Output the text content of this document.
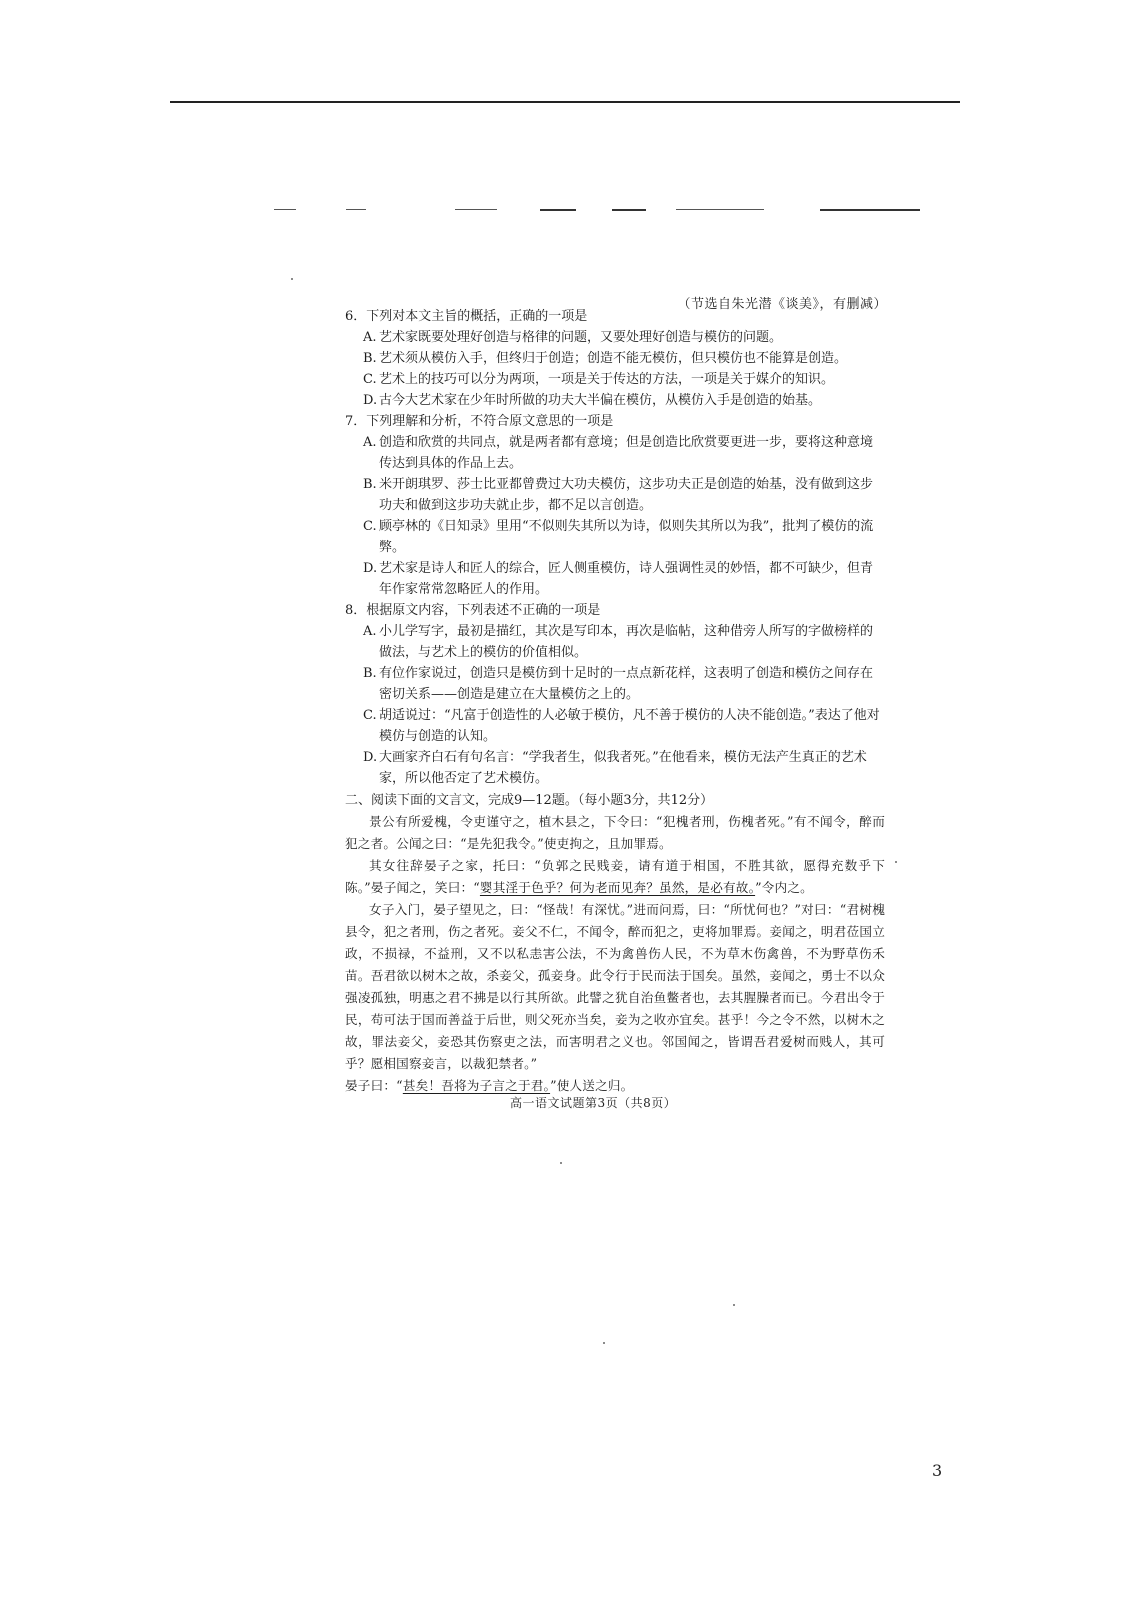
（节选自朱光潜《谈美》，有删减）
6．下列对本文主旨的概括，正确的一项是
A. 艺术家既要处理好创造与格律的问题，又要处理好创造与模仿的问题。
B. 艺术须从模仿入手，但终归于创造；创造不能无模仿，但只模仿也不能算是创造。
C. 艺术上的技巧可以分为两项，一项是关于传达的方法，一项是关于媒介的知识。
D. 古今大艺术家在少年时所做的功夫大半偏在模仿，从模仿入手是创造的始基。
7．下列理解和分析，不符合原文意思的一项是
A. 创造和欣赏的共同点，就是两者都有意境；但是创造比欣赏要更进一步，要将这种意境传达到具体的作品上去。
B. 米开朗琪罗、莎士比亚都曾费过大功夫模仿，这步功夫正是创造的始基，没有做到这步功夫和做到这步功夫就止步，都不足以言创造。
C. 顾亭林的《日知录》里用“不似则失其所以为诗，似则失其所以为我”，批判了模仿的流弊。
D. 艺术家是诗人和匠人的综合，匠人侧重模仿，诗人强调性灵的妙悟，都不可缺少，但青年作家常常忽略匠人的作用。
8．根据原文内容，下列表述不正确的一项是
A. 小儿学写字，最初是描红，其次是写印本，再次是临帖，这种借旁人所写的字做榜样的做法，与艺术上的模仿的价值相似。
B. 有位作家说过，创造只是模仿到十足时的一点点新花样，这表明了创造和模仿之间存在密切关系——创造是建立在大量模仿之上的。
C. 胡适说过：“凡富于创造性的人必敏于模仿，凡不善于模仿的人决不能创造。”表达了他对模仿与创造的认知。
D. 大画家齐白石有句名言：“学我者生，似我者死。”在他看来，模仿无法产生真正的艺术家，所以他否定了艺术模仿。
二、阅读下面的文言文，完成9—12题。（每小题3分，共12分）

景公有所爱槐，令吏谨守之，植木县之，下令曰：“犯槐者刑，伤槐者死。”有不闻令，醉而犯之者。公闻之曰：“是先犯我令。”使吏拘之，且加罪焉。

其女往辞晏子之家，托曰：“负郭之民贱妾，请有道于相国，不胜其欲，愿得充数乎下陈。”晏子闻之，笑曰：“婴其淫于色乎？何为老而见奔？虽然，是必有故。”令内之。

女子入门，晏子望见之，曰：“怪哉！有深忧。”进而问焉，曰：“所忧何也？”对曰：“君树槐县令，犯之者刑，伤之者死。妾父不仁，不闻令，醉而犯之，吏将加罪焉。妾闻之，明君莅国立政，不损禄，不益刑，又不以私恚害公法，不为禽兽伤人民，不为草木伤禽兽，不为野草伤禾苗。吾君欲以树木之故，杀妾父，孤妾身。此令行于民而法于国矣。虽然，妾闻之，勇士不以众强凌孤独，明惠之君不拂是以行其所欲。此譬之犹自治鱼鳖者也，去其腥臊者而已。今君出令于民，苟可法于国而善益于后世，则父死亦当矣，妾为之收亦宜矣。甚乎！今之令不然，以树木之故，罪法妾父，妾恐其伤察吏之法，而害明君之义也。邻国闻之，皆谓吾君爱树而贱人，其可乎？愿相国察妾言，以裁犯禁者。”

晏子曰：“甚矣！吾将为子言之于君。”使人送之归。

高一语文试题第3页（共8页）
3
